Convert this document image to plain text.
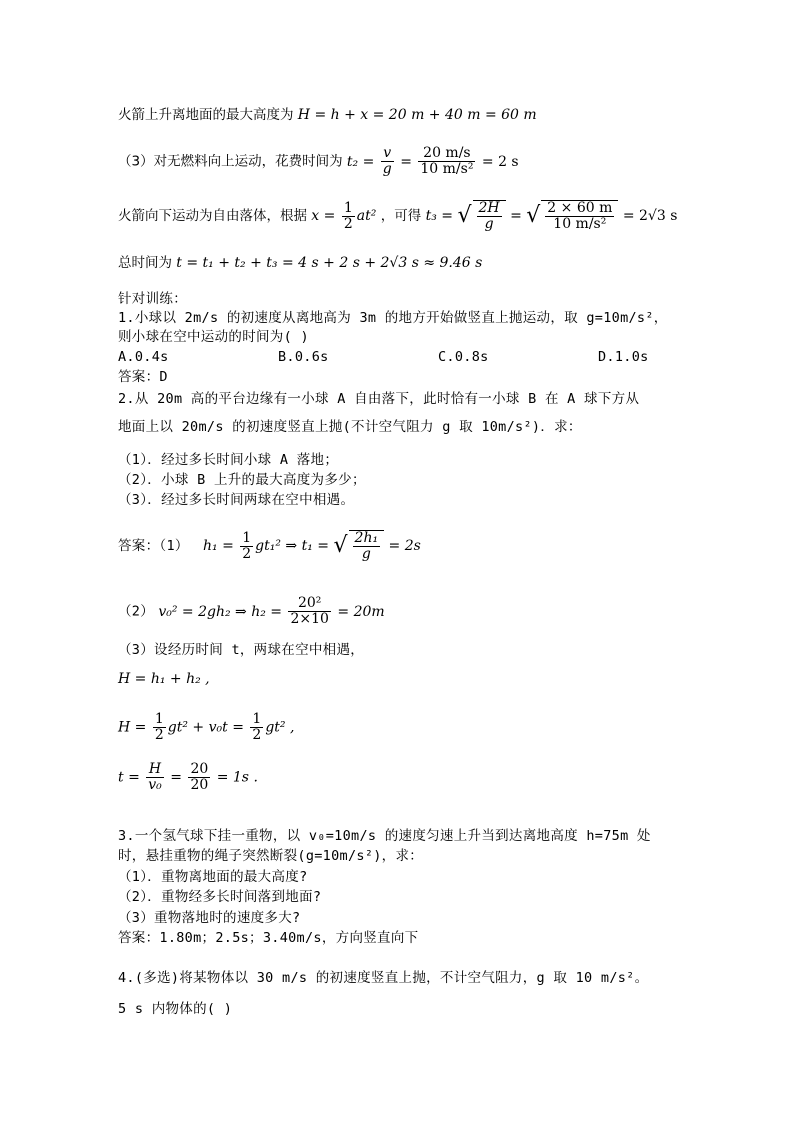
火箭上升离地面的最大高度为 H = h + x = 20 m + 40 m = 60 m
（3）对无燃料向上运动，花费时间为 $t_2 = \frac{v}{g} = \frac{20 m/s}{\text{10 m/s²}} = 2$ s
火箭向下运动为自由落体，根据 $x = \frac{1}{2} at^2$ ，可得 t₃ = √ $\frac{2H}{g}$ = √ $\frac{2 \times 60 m}{\text{10 m/s²}} = 2√3$ s
总时间为 t = t₁ + t₂ + t₃ = 4 s + 2 s + 2√3 s ≈ 9.46 s
针对训练：
1.小球以 2m/s 的初速度从离地高为 3m 的地方开始做竖直上抛运动，取 g=10m/s²，
则小球在空中运动的时间为( )
A.0.4s	B.0.6s	C.0.8s	D.1.0s
答案：D
2.从 20m 高的平台边缘有一小球 A 自由落下，此时恰有一小球 B 在 A 球下方从
地面上以 20m/s 的初速度竖直上抛(不计空气阻力 g 取 10m/s²)．求：
（1）．经过多长时间小球 A 落地；
（2）．小球 B 上升的最大高度为多少；
（3）．经过多长时间两球在空中相遇。
答案：（1） $h_1 = \frac{1}{2} gt_1^2$ ⇒ t₁ = √ $\frac{\text{2h₁}}{g} = 2s$
（2） v₀² = 2gh₂ ⇒ $h_2 = \frac{\text{20²}}{2\times 10} = 20m$
（3）设经历时间 t，两球在空中相遇，
H = h₁ + h₂ ,
$H = \frac{1}{2} gt^2 + v_0t = \frac{1}{2} gt^2$ ,
$t = \frac{H}{\text{v₀}} = \frac{20}{20} = 1s$ .
3.一个氢气球下挂一重物，以 v₀=10m/s 的速度匀速上升当到达离地高度 h=75m 处
时，悬挂重物的绳子突然断裂(g=10m/s²)，求：
（1）．重物离地面的最大高度?
（2）．重物经多长时间落到地面?
（3）重物落地时的速度多大?
答案：1.80m；2.5s；3.40m/s，方向竖直向下
4.(多选)将某物体以 30 m/s 的初速度竖直上抛，不计空气阻力，g 取 10 m/s²。
5 s 内物体的( )
